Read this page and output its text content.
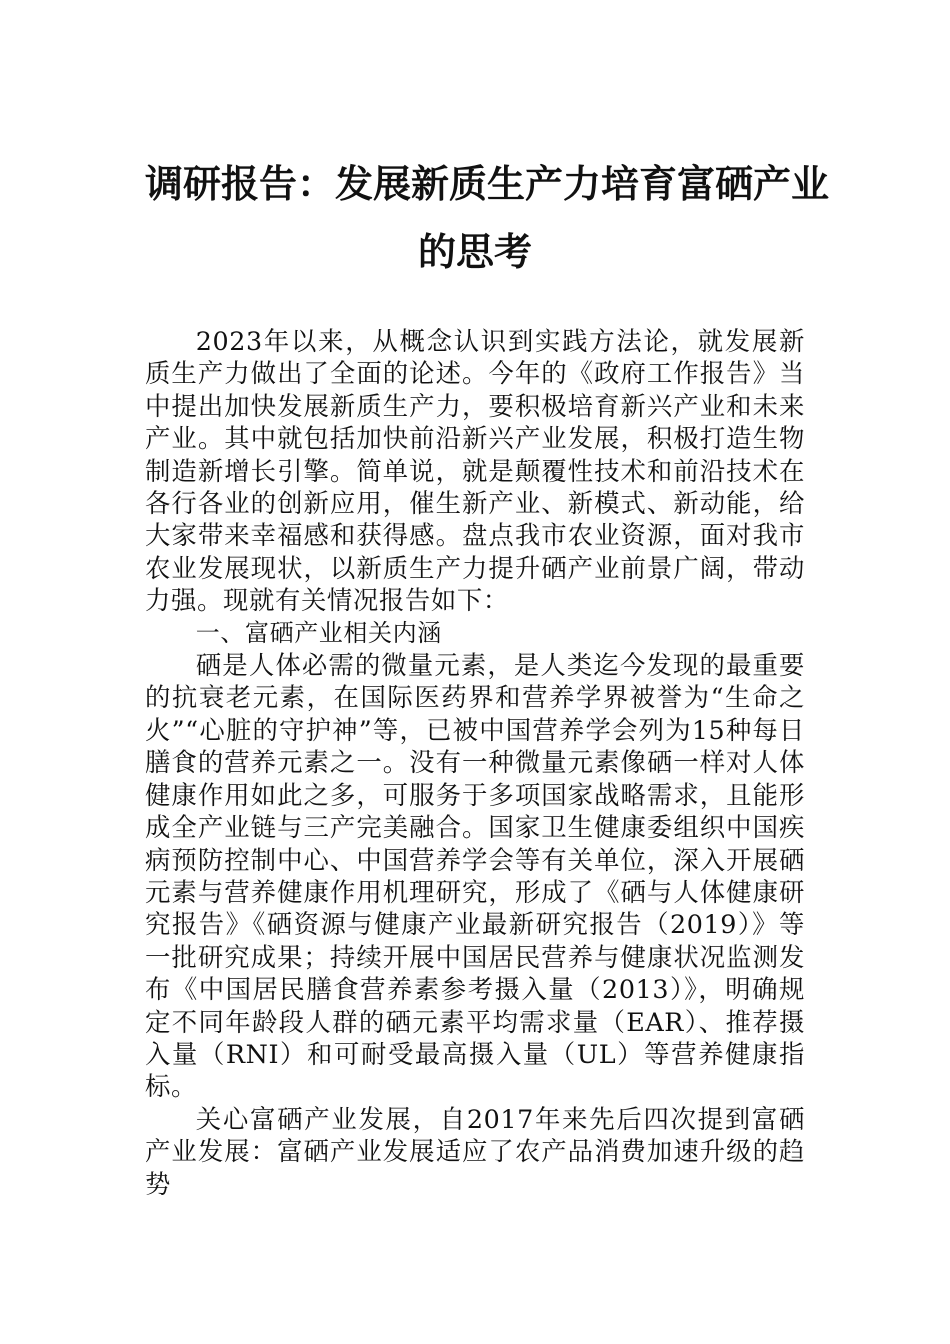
调研报告：发展新质生产力培育富硒产业
的思考

2023年以来，从概念认识到实践方法论，就发展新质生产力做出了全面的论述。今年的《政府工作报告》当中提出加快发展新质生产力，要积极培育新兴产业和未来产业。其中就包括加快前沿新兴产业发展，积极打造生物制造新增长引擎。简单说，就是颠覆性技术和前沿技术在各行各业的创新应用，催生新产业、新模式、新动能，给大家带来幸福感和获得感。盘点我市农业资源，面对我市农业发展现状，以新质生产力提升硒产业前景广阔，带动力强。现就有关情况报告如下：

一、富硒产业相关内涵

硒是人体必需的微量元素，是人类迄今发现的最重要的抗衰老元素，在国际医药界和营养学界被誉为“生命之火”“心脏的守护神”等，已被中国营养学会列为15种每日膳食的营养元素之一。没有一种微量元素像硒一样对人体健康作用如此之多，可服务于多项国家战略需求，且能形成全产业链与三产完美融合。国家卫生健康委组织中国疾病预防控制中心、中国营养学会等有关单位，深入开展硒元素与营养健康作用机理研究，形成了《硒与人体健康研究报告》《硒资源与健康产业最新研究报告（2019）》等一批研究成果；持续开展中国居民营养与健康状况监测发布《中国居民膳食营养素参考摄入量（2013）》，明确规定不同年龄段人群的硒元素平均需求量（EAR）、推荐摄入量（RNI）和可耐受最高摄入量（UL）等营养健康指标。

关心富硒产业发展，自2017年来先后四次提到富硒产业发展：富硒产业发展适应了农产品消费加速升级的趋势
